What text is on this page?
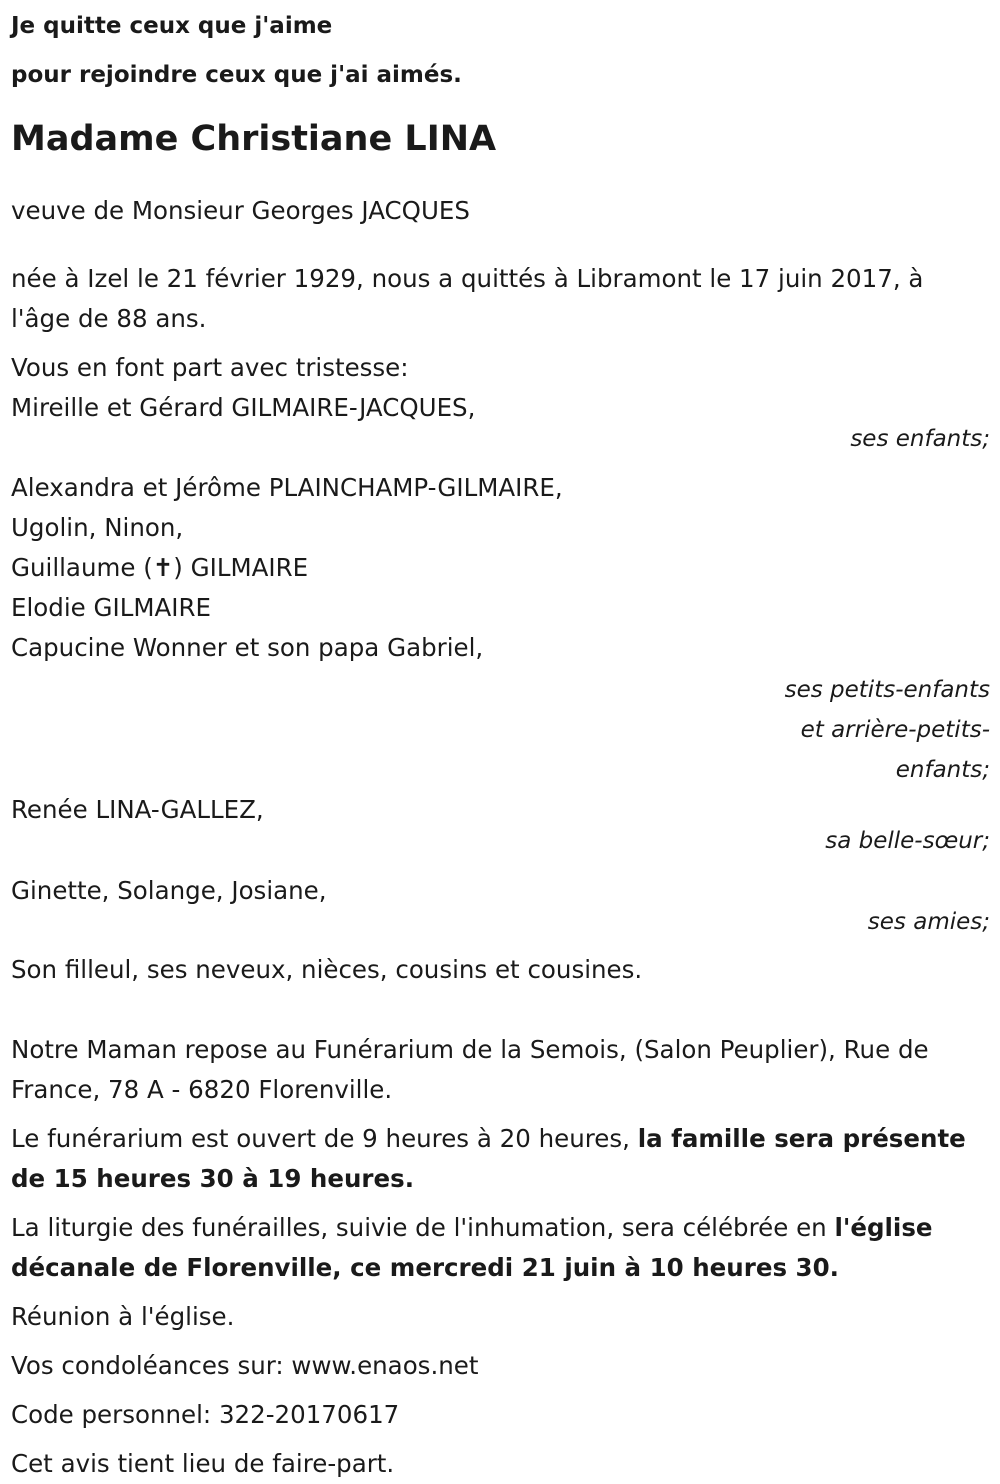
Je quitte ceux que j'aime
pour rejoindre ceux que j'ai aimés.
Madame Christiane LINA
veuve de Monsieur Georges JACQUES
née à Izel le 21 février 1929, nous a quittés à Libramont le 17 juin 2017, à l'âge de 88 ans.
Vous en font part avec tristesse:
Mireille et Gérard GILMAIRE-JACQUES,
ses enfants;
Alexandra et Jérôme PLAINCHAMP-GILMAIRE,
Ugolin, Ninon,
Guillaume (✝) GILMAIRE
Elodie GILMAIRE
Capucine Wonner et son papa Gabriel,
ses petits-enfants
et arrière-petits-
enfants;
Renée LINA-GALLEZ,
sa belle-sœur;
Ginette, Solange, Josiane,
ses amies;
Son filleul, ses neveux, nièces, cousins et cousines.
Notre Maman repose au Funérarium de la Semois, (Salon Peuplier), Rue de France, 78 A - 6820 Florenville.
Le funérarium est ouvert de 9 heures à 20 heures, la famille sera présente de 15 heures 30 à 19 heures.
La liturgie des funérailles, suivie de l'inhumation, sera célébrée en l'église décanale de Florenville, ce mercredi 21 juin à 10 heures 30.
Réunion à l'église.
Vos condoléances sur: www.enaos.net
Code personnel: 322-20170617
Cet avis tient lieu de faire-part.
